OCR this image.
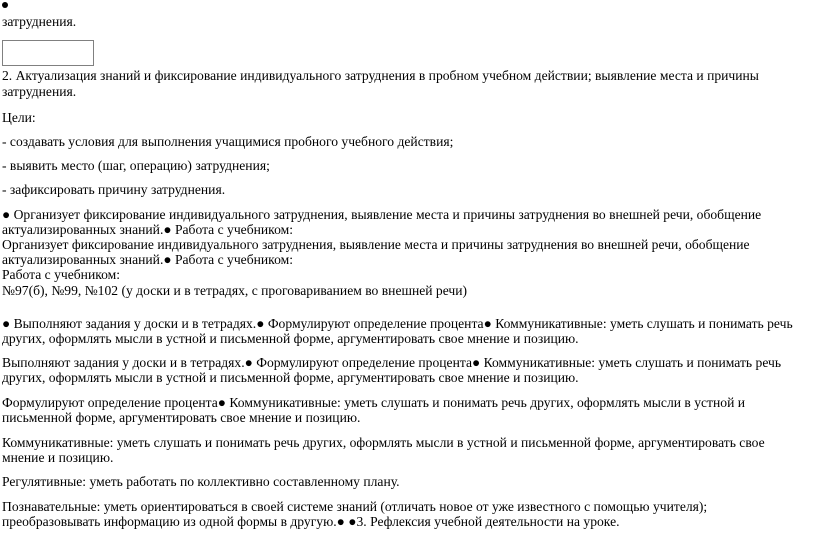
затруднения.
2. Актуализация знаний и фиксирование индивидуального затруднения в пробном учебном действии; выявление места и причины
затруднения.
Цели:
- создавать условия для выполнения учащимися пробного учебного действия;
- выявить место (шаг, операцию) затруднения;
- зафиксировать причину затруднения.
● Организует фиксирование индивидуального затруднения, выявление места и причины затруднения во внешней речи, обобщение
актуализированных знаний.● Работа с учебником:
Организует фиксирование индивидуального затруднения, выявление места и причины затруднения во внешней речи, обобщение
актуализированных знаний.● Работа с учебником:
Работа с учебником:
№97(б), №99, №102 (у доски и в тетрадях, с проговариванием во внешней речи)
● Выполняют задания у доски и в тетрадях.● Формулируют определение процента● Коммуникативные: уметь слушать и понимать речь
других, оформлять мысли в устной и письменной форме, аргументировать свое мнение и позицию.
Выполняют задания у доски и в тетрадях.● Формулируют определение процента● Коммуникативные: уметь слушать и понимать речь
других, оформлять мысли в устной и письменной форме, аргументировать свое мнение и позицию.
Формулируют определение процента● Коммуникативные: уметь слушать и понимать речь других, оформлять мысли в устной и
письменной форме, аргументировать свое мнение и позицию.
Коммуникативные: уметь слушать и понимать речь других, оформлять мысли в устной и письменной форме, аргументировать свое
мнение и позицию.
Регулятивные: уметь работать по коллективно составленному плану.
Познавательные: уметь ориентироваться в своей системе знаний (отличать новое от уже известного с помощью учителя);
преобразовывать информацию из одной формы в другую.● ●3. Рефлексия учебной деятельности на уроке.
